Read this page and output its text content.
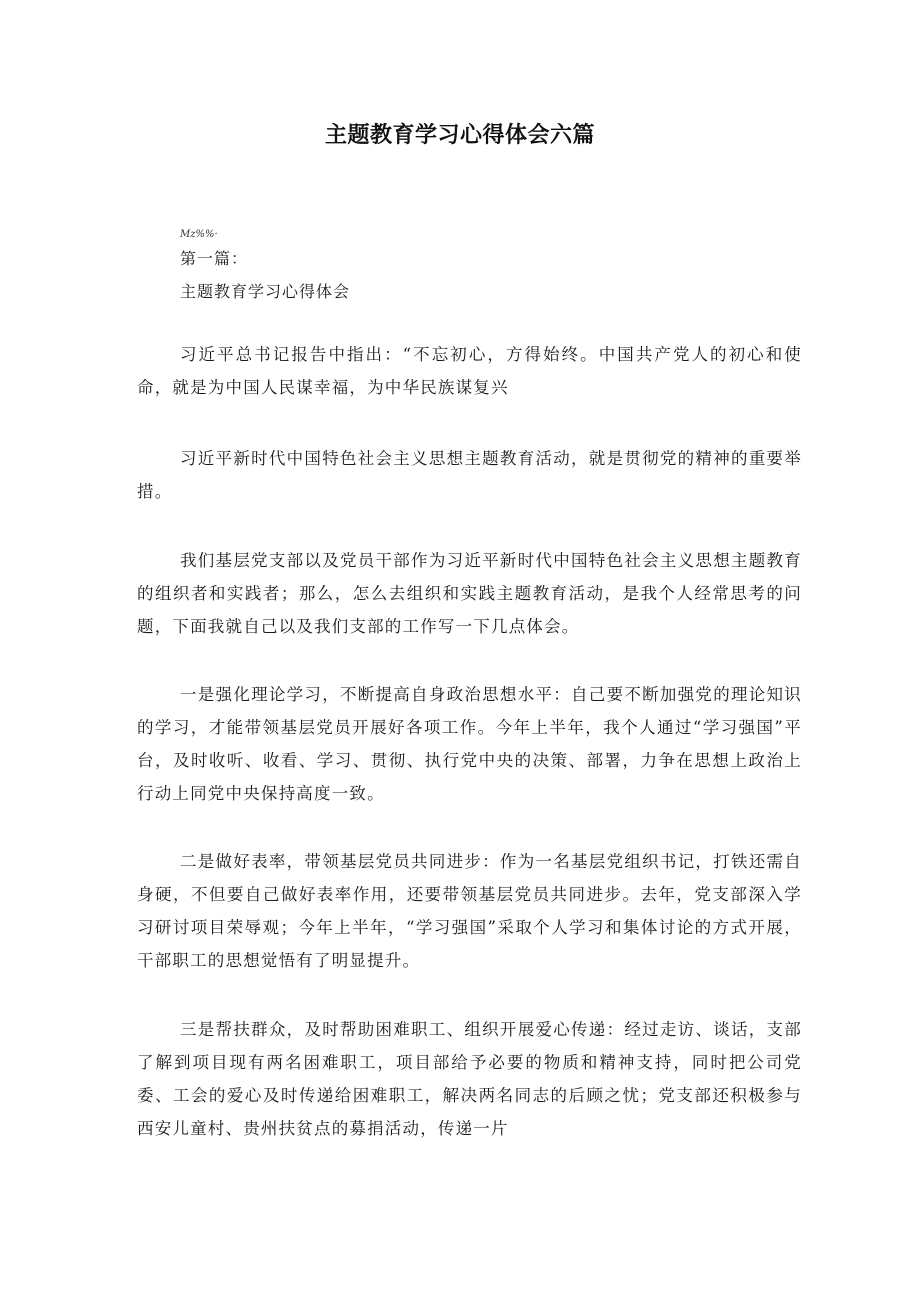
主题教育学习心得体会六篇
Mz%%·
第一篇：
主题教育学习心得体会

习近平总书记报告中指出：“不忘初心，方得始终。中国共产党人的初心和使命，就是为中国人民谋幸福，为中华民族谋复兴

习近平新时代中国特色社会主义思想主题教育活动，就是贯彻党的精神的重要举措。

我们基层党支部以及党员干部作为习近平新时代中国特色社会主义思想主题教育的组织者和实践者；那么，怎么去组织和实践主题教育活动，是我个人经常思考的问题，下面我就自己以及我们支部的工作写一下几点体会。

一是强化理论学习，不断提高自身政治思想水平：自己要不断加强党的理论知识的学习，才能带领基层党员开展好各项工作。今年上半年，我个人通过“学习强国”平台，及时收听、收看、学习、贯彻、执行党中央的决策、部署，力争在思想上政治上行动上同党中央保持高度一致。

二是做好表率，带领基层党员共同进步：作为一名基层党组织书记，打铁还需自身硬，不但要自己做好表率作用，还要带领基层党员共同进步。去年，党支部深入学习研讨项目荣辱观；今年上半年，“学习强国”采取个人学习和集体讨论的方式开展，干部职工的思想觉悟有了明显提升。

三是帮扶群众，及时帮助困难职工、组织开展爱心传递：经过走访、谈话，支部了解到项目现有两名困难职工，项目部给予必要的物质和精神支持，同时把公司党委、工会的爱心及时传递给困难职工，解决两名同志的后顾之忧；党支部还积极参与西安儿童村、贵州扶贫点的募捐活动，传递一片
